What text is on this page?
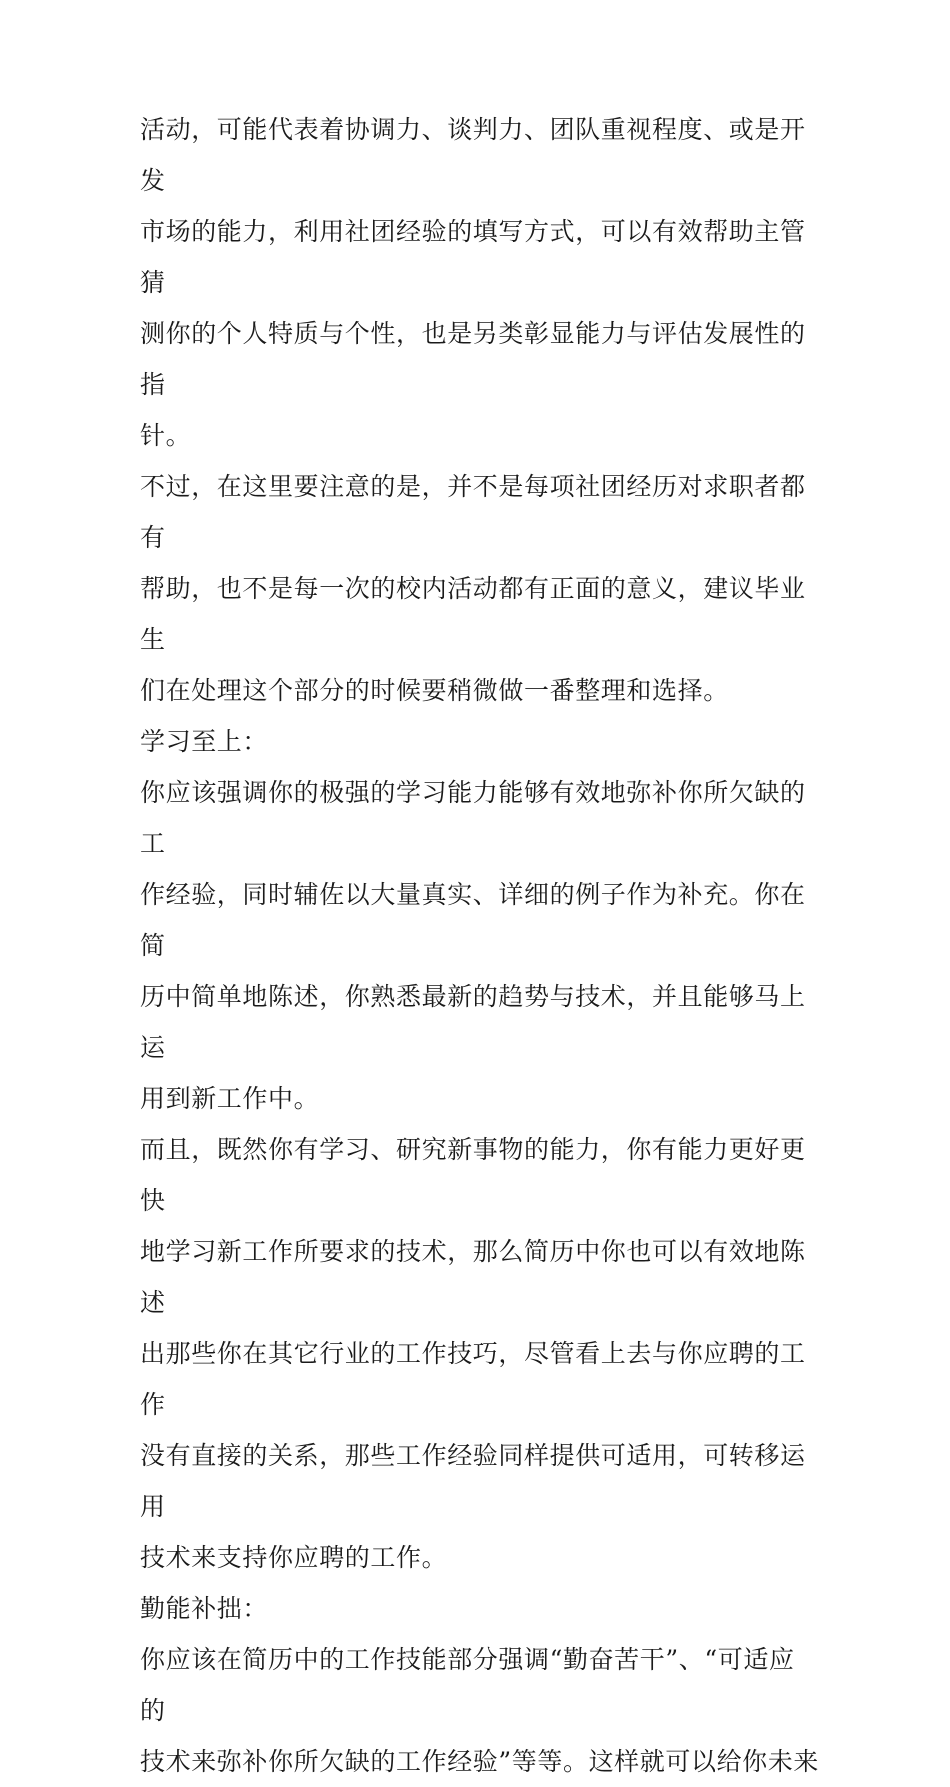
活动，可能代表着协调力、谈判力、团队重视程度、或是开发
市场的能力，利用社团经验的填写方式，可以有效帮助主管猜
测你的个人特质与个性，也是另类彰显能力与评估发展性的指
针。

不过，在这里要注意的是，并不是每项社团经历对求职者都有
帮助，也不是每一次的校内活动都有正面的意义，建议毕业生
们在处理这个部分的时候要稍微做一番整理和选择。

学习至上：

你应该强调你的极强的学习能力能够有效地弥补你所欠缺的工
作经验，同时辅佐以大量真实、详细的例子作为补充。你在简
历中简单地陈述，你熟悉最新的趋势与技术，并且能够马上运
用到新工作中。

而且，既然你有学习、研究新事物的能力，你有能力更好更快
地学习新工作所要求的技术，那么简历中你也可以有效地陈述
出那些你在其它行业的工作技巧，尽管看上去与你应聘的工作
没有直接的关系，那些工作经验同样提供可适用，可转移运用
技术来支持你应聘的工作。

勤能补拙：

你应该在简历中的工作技能部分强调“勤奋苦干”、“可适应的
技术来弥补你所欠缺的工作经验”等等。这样就可以给你未来
